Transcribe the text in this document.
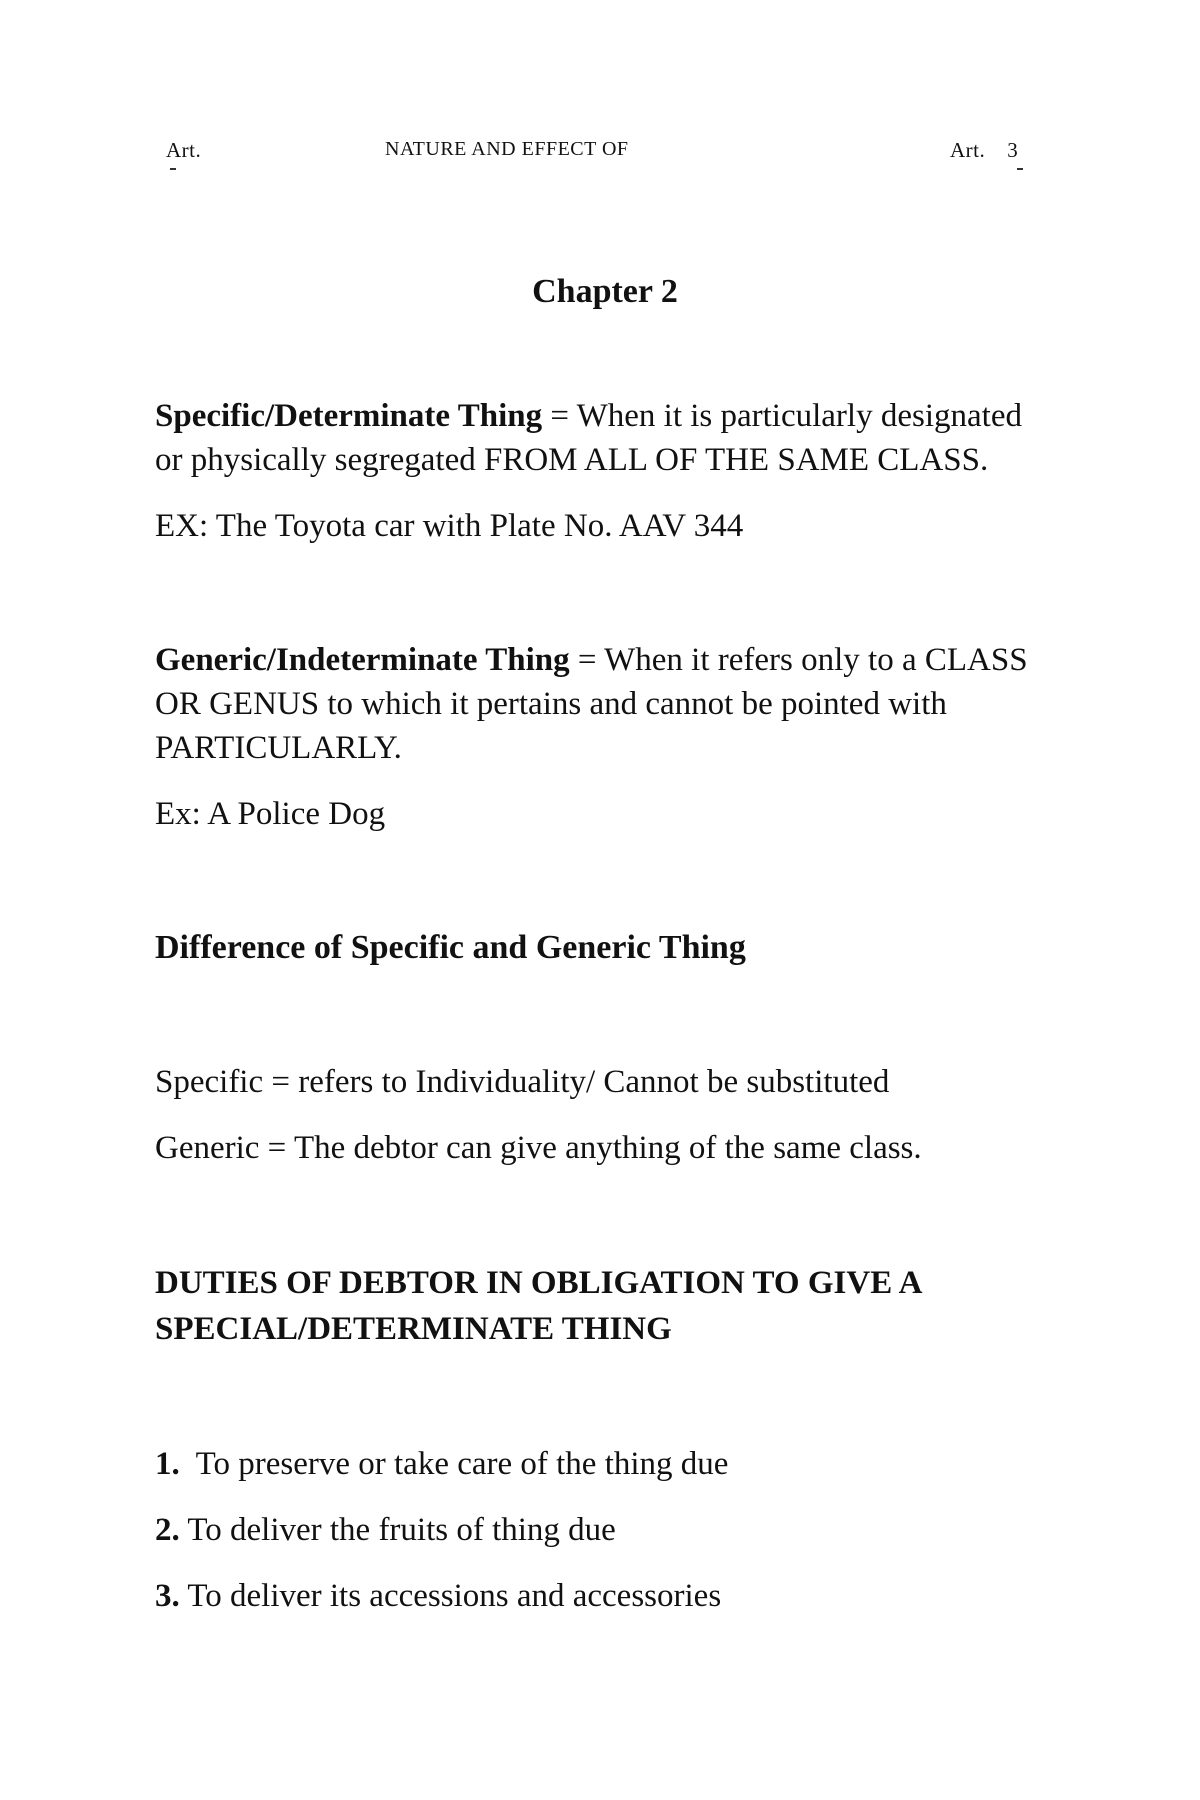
Art.	NATURE AND EFFECT OF	Art. 3
Chapter 2

Specific/Determinate Thing = When it is particularly designated or physically segregated FROM ALL OF THE SAME CLASS.

EX: The Toyota car with Plate No. AAV 344

Generic/Indeterminate Thing = When it refers only to a CLASS OR GENUS to which it pertains and cannot be pointed with PARTICULARLY.

Ex: A Police Dog

Difference of Specific and Generic Thing

Specific = refers to Individuality/ Cannot be substituted

Generic = The debtor can give anything of the same class.

DUTIES OF DEBTOR IN OBLIGATION TO GIVE A SPECIAL/DETERMINATE THING

1.  To preserve or take care of the thing due

2. To deliver the fruits of thing due

3. To deliver its accessions and accessories
